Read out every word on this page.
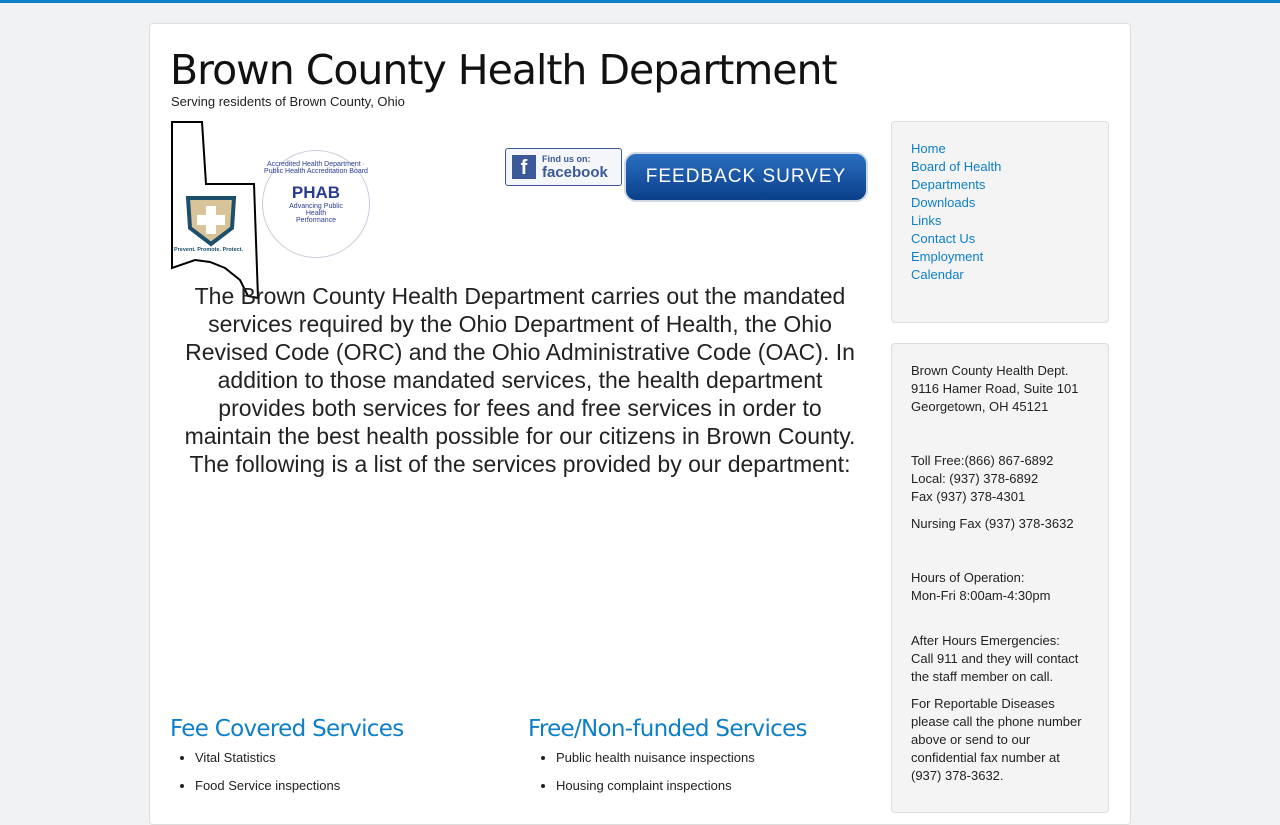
Brown County Health Department
Serving residents of Brown County, Ohio
Prevent. Promote. Protect.
Accredited Health Department · Public Health Accreditation Board
PHAB
Advancing Public Health Performance
f	Find us on:
facebook	FEEDBACK SURVEY
The Brown County Health Department carries out the mandated services required by the Ohio Department of Health, the Ohio Revised Code (ORC) and the Ohio Administrative Code (OAC). In addition to those mandated services, the health department provides both services for fees and free services in order to maintain the best health possible for our citizens in Brown County. The following is a list of the services provided by our department:
Fee Covered Services
• Vital Statistics
• Food Service inspections
Free/Non-funded Services
• Public health nuisance inspections
• Housing complaint inspections
Home
Board of Health
Departments
Downloads
Links
Contact Us
Employment
Calendar
Brown County Health Dept.
9116 Hamer Road, Suite 101
Georgetown, OH 45121
Toll Free:(866) 867-6892
Local: (937) 378-6892
Fax (937) 378-4301
Nursing Fax (937) 378-3632
Hours of Operation:
Mon-Fri 8:00am-4:30pm
After Hours Emergencies:
Call 911 and they will contact the staff member on call.
For Reportable Diseases please call the phone number above or send to our confidential fax number at (937) 378-3632.
